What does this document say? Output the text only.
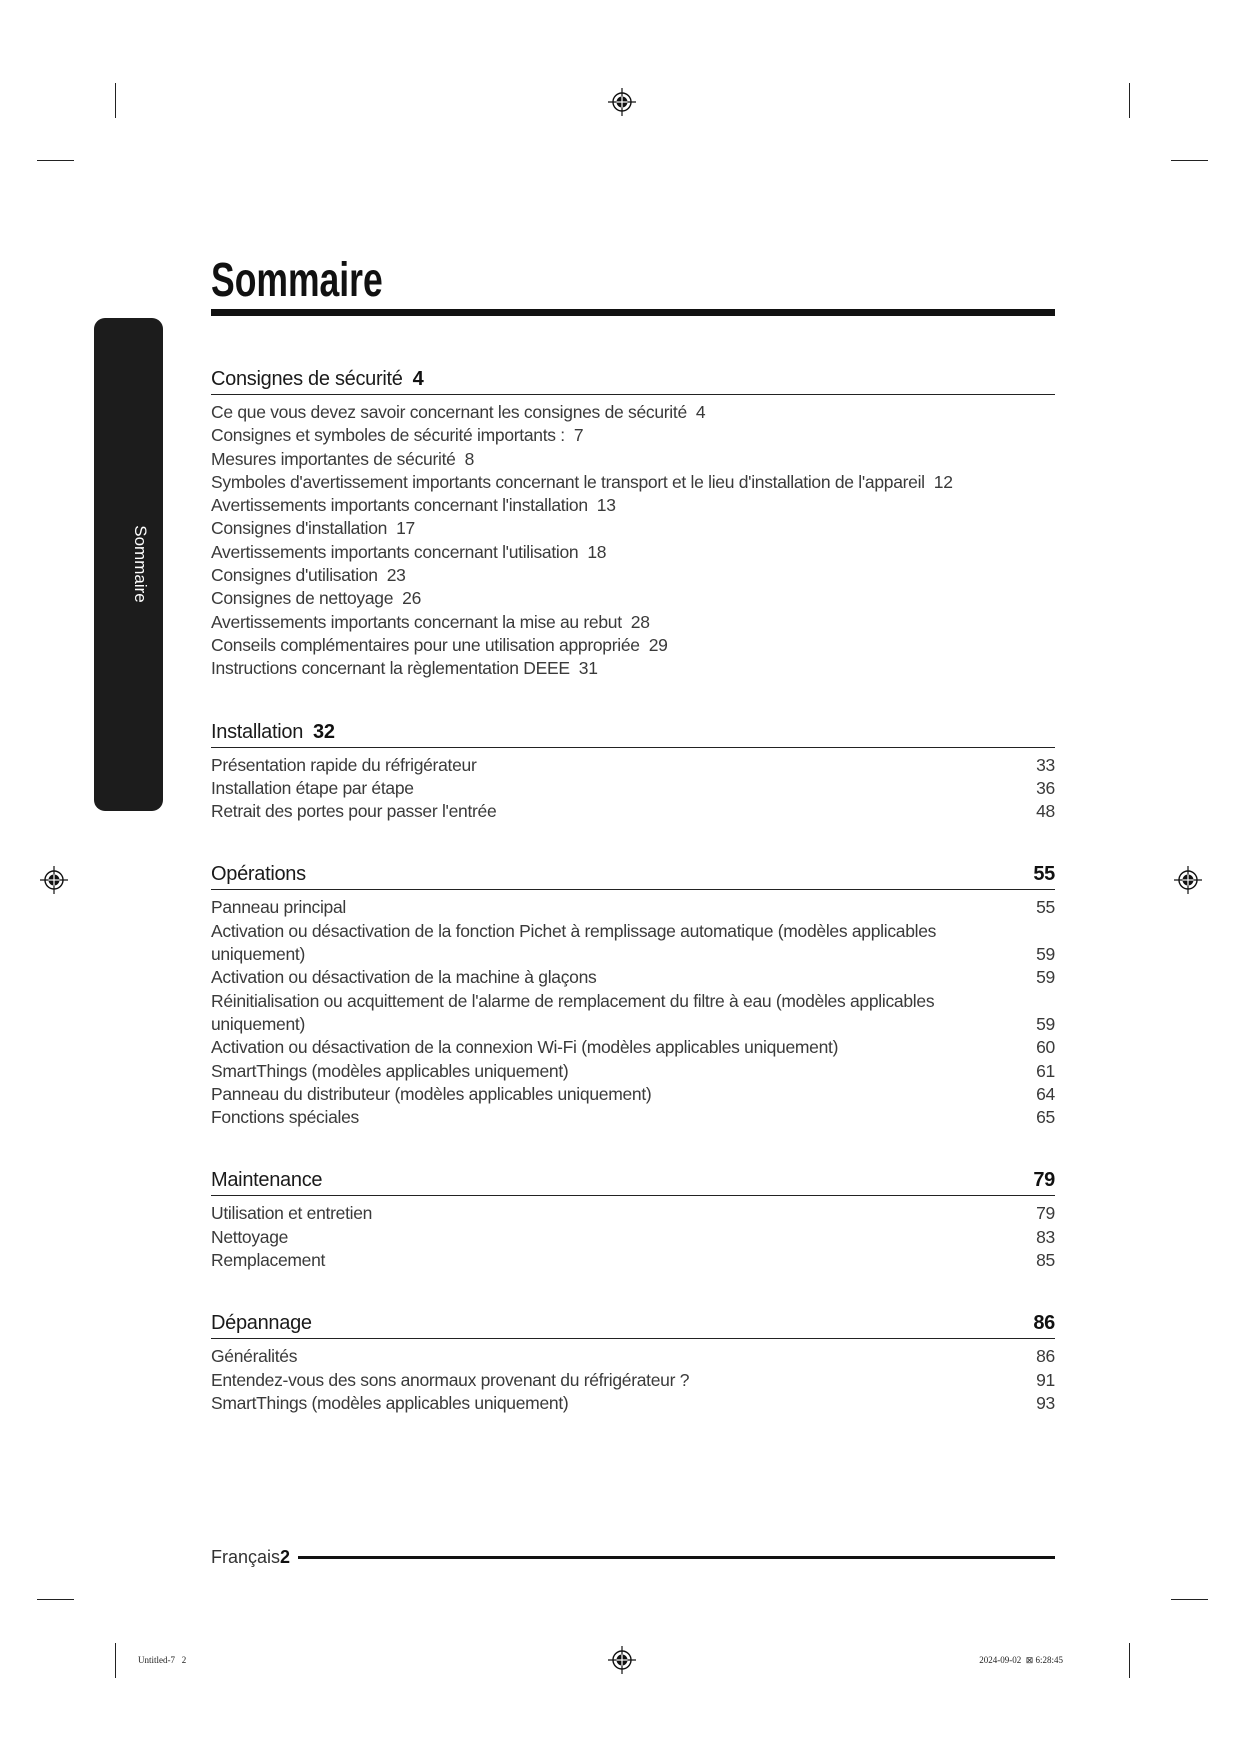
Sommaire
Sommaire
Consignes de sécurité 4
Ce que vous devez savoir concernant les consignes de sécurité 4
Consignes et symboles de sécurité importants : 7
Mesures importantes de sécurité 8
Symboles d'avertissement importants concernant le transport et le lieu d'installation de l'appareil 12
Avertissements importants concernant l'installation 13
Consignes d'installation 17
Avertissements importants concernant l'utilisation 18
Consignes d'utilisation 23
Consignes de nettoyage 26
Avertissements importants concernant la mise au rebut 28
Conseils complémentaires pour une utilisation appropriée 29
Instructions concernant la règlementation DEEE 31
Installation 32
Présentation rapide du réfrigérateur	33
Installation étape par étape	36
Retrait des portes pour passer l'entrée	48
Opérations	55
Panneau principal	55
Activation ou désactivation de la fonction Pichet à remplissage automatique (modèles applicables
uniquement)	59
Activation ou désactivation de la machine à glaçons	59
Réinitialisation ou acquittement de l'alarme de remplacement du filtre à eau (modèles applicables
uniquement)	59
Activation ou désactivation de la connexion Wi-Fi (modèles applicables uniquement)	60
SmartThings (modèles applicables uniquement)	61
Panneau du distributeur (modèles applicables uniquement)	64
Fonctions spéciales	65
Maintenance	79
Utilisation et entretien	79
Nettoyage	83
Remplacement	85
Dépannage	86
Généralités	86
Entendez-vous des sons anormaux provenant du réfrigérateur ?	91
SmartThings (modèles applicables uniquement)	93
Français 2
Untitled-7   2	2024-09-02  ⊠ 6:28:45
